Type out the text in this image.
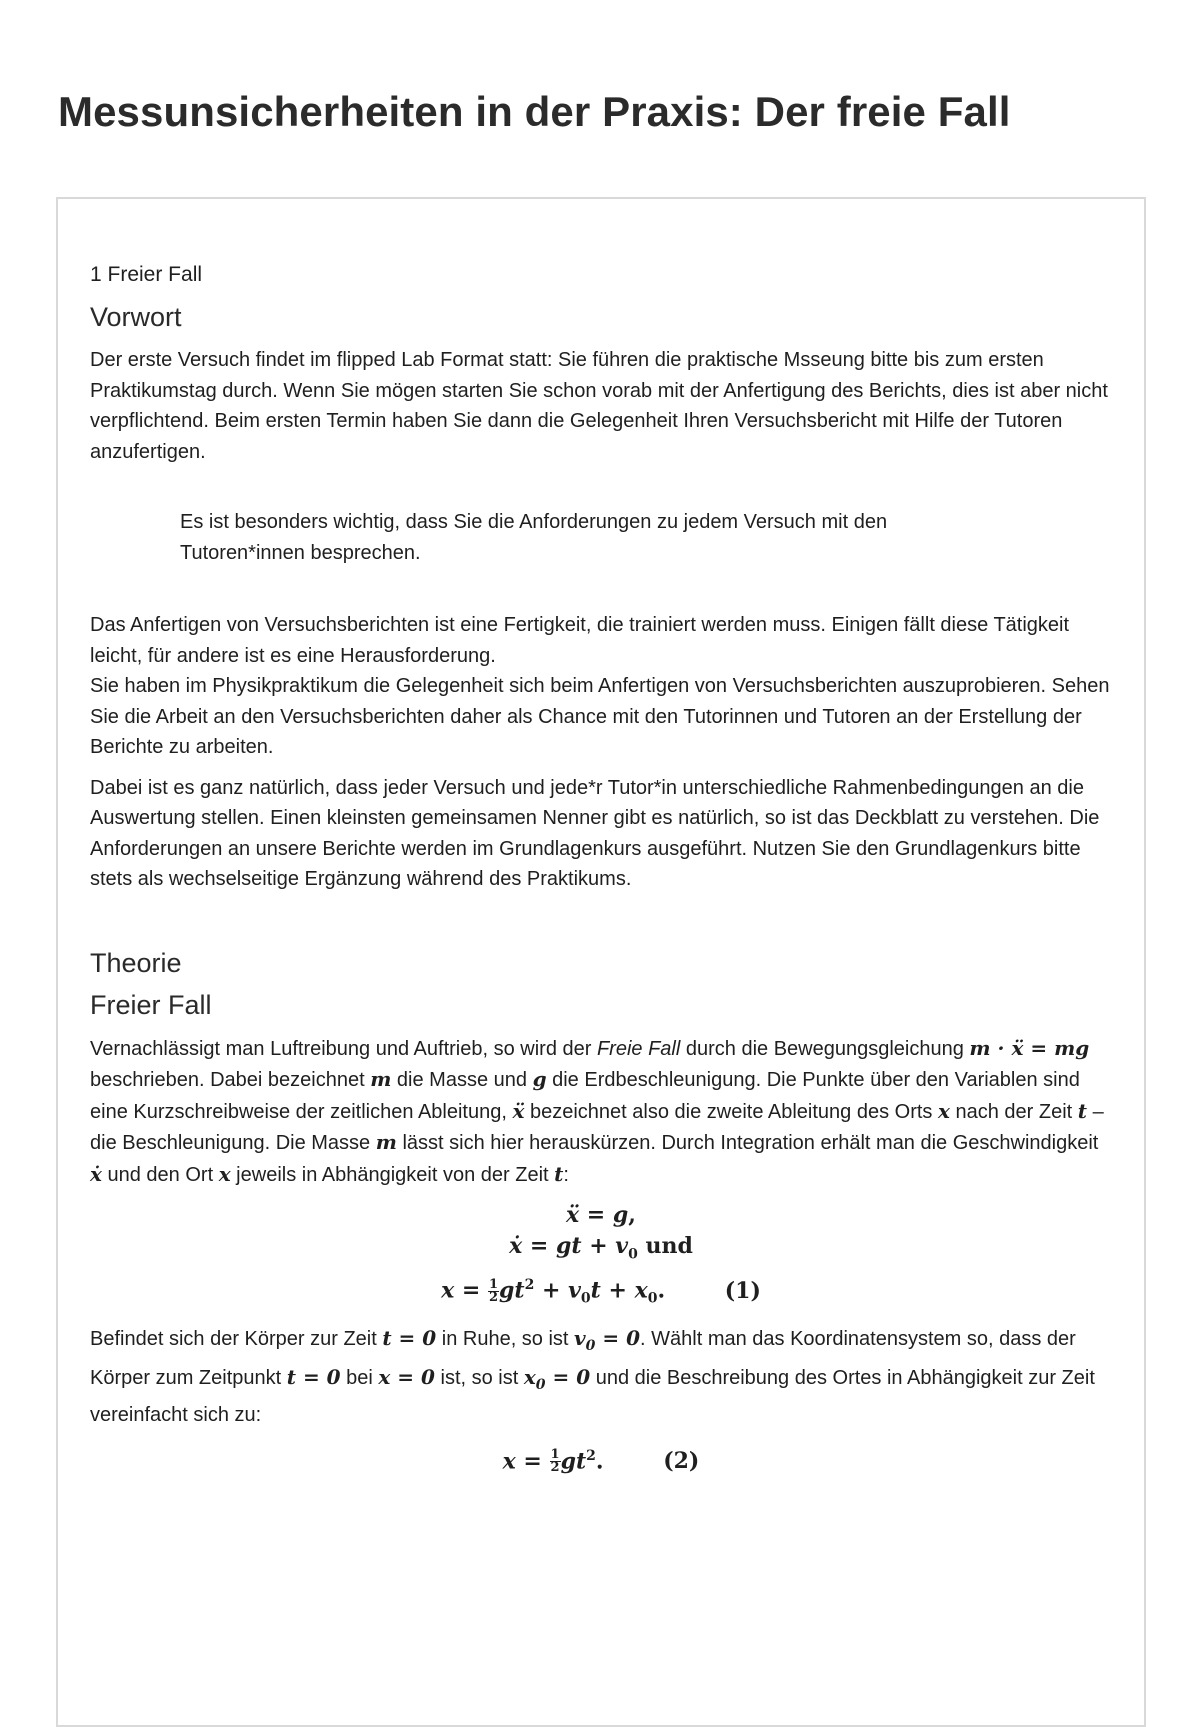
Messunsicherheiten in der Praxis: Der freie Fall
1 Freier Fall
Vorwort

Der erste Versuch findet im flipped Lab Format statt: Sie führen die praktische Msseung bitte bis zum ersten Praktikumstag durch. Wenn Sie mögen starten Sie schon vorab mit der Anfertigung des Berichts, dies ist aber nicht verpflichtend. Beim ersten Termin haben Sie dann die Gelegenheit Ihren Versuchsbericht mit Hilfe der Tutoren anzufertigen.

Es ist besonders wichtig, dass Sie die Anforderungen zu jedem Versuch mit den Tutoren*innen besprechen.

Das Anfertigen von Versuchsberichten ist eine Fertigkeit, die trainiert werden muss. Einigen fällt diese Tätigkeit leicht, für andere ist es eine Herausforderung.

Sie haben im Physikpraktikum die Gelegenheit sich beim Anfertigen von Versuchsberichten auszuprobieren. Sehen Sie die Arbeit an den Versuchsberichten daher als Chance mit den Tutorinnen und Tutoren an der Erstellung der Berichte zu arbeiten.

Dabei ist es ganz natürlich, dass jeder Versuch und jede*r Tutor*in unterschiedliche Rahmenbedingungen an die Auswertung stellen. Einen kleinsten gemeinsamen Nenner gibt es natürlich, so ist das Deckblatt zu verstehen. Die Anforderungen an unsere Berichte werden im Grundlagenkurs ausgeführt. Nutzen Sie den Grundlagenkurs bitte stets als wechselseitige Ergänzung während des Praktikums.

Theorie
Freier Fall

Vernachlässigt man Luftreibung und Auftrieb, so wird der Freie Fall durch die Bewegungsgleichung m · ẍ = mg beschrieben. Dabei bezeichnet m die Masse und g die Erdbeschleunigung. Die Punkte über den Variablen sind eine Kurzschreibweise der zeitlichen Ableitung, ẍ bezeichnet also die zweite Ableitung des Orts x nach der Zeit t – die Beschleunigung. Die Masse m lässt sich hier herauskürzen. Durch Integration erhält man die Geschwindigkeit ẋ und den Ort x jeweils in Abhängigkeit von der Zeit t:

ẍ = g,
ẋ = gt + $v_0$ und
$x = \frac{1}{2} gt^2 + v_0t + x_0$. (1)

Befindet sich der Körper zur Zeit t = 0 in Ruhe, so ist $v_0 = 0$. Wählt man das Koordinatensystem so, dass der Körper zum Zeitpunkt t = 0 bei x = 0 ist, so ist $x_0 = 0$ und die Beschreibung des Ortes in Abhängigkeit zur Zeit vereinfacht sich zu:

$x = \frac{1}{2} gt^2$. (2)
